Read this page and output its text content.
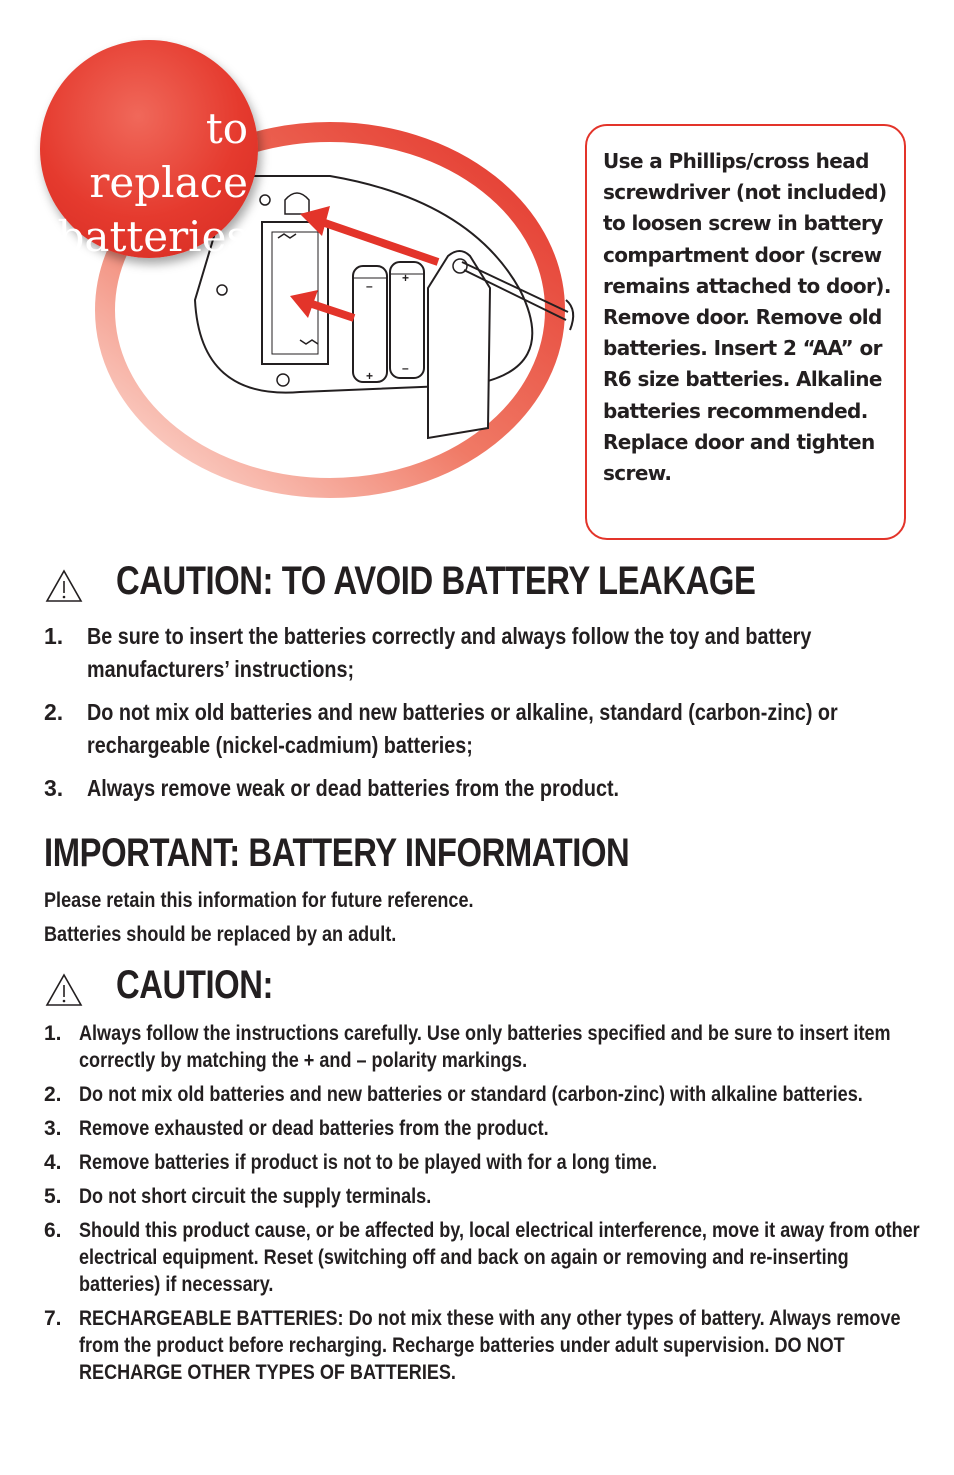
+
–
+
–
to replace
batteries
Use a Phillips/cross head screwdriver (not included) to loosen screw in battery compartment door (screw remains attached to door). Remove door. Remove old batteries. Insert 2 “AA” or R6 size batteries. Alkaline batteries recommended. Replace door and tighten screw.
CAUTION: TO AVOID BATTERY LEAKAGE
1. Be sure to insert the batteries correctly and always follow the toy and battery manufacturers’ instructions;
2. Do not mix old batteries and new batteries or alkaline, standard (carbon-zinc) or rechargeable (nickel-cadmium) batteries;
3. Always remove weak or dead batteries from the product.
IMPORTANT: BATTERY INFORMATION
Please retain this information for future reference.
Batteries should be replaced by an adult.
CAUTION:
1. Always follow the instructions carefully. Use only batteries specified and be sure to insert item correctly by matching the + and – polarity markings.
2. Do not mix old batteries and new batteries or standard (carbon-zinc) with alkaline batteries.
3. Remove exhausted or dead batteries from the product.
4. Remove batteries if product is not to be played with for a long time.
5. Do not short circuit the supply terminals.
6. Should this product cause, or be affected by, local electrical interference, move it away from other electrical equipment. Reset (switching off and back on again or removing and re-inserting batteries) if necessary.
7. RECHARGEABLE BATTERIES: Do not mix these with any other types of battery. Always remove from the product before recharging. Recharge batteries under adult supervision. DO NOT RECHARGE OTHER TYPES OF BATTERIES.
